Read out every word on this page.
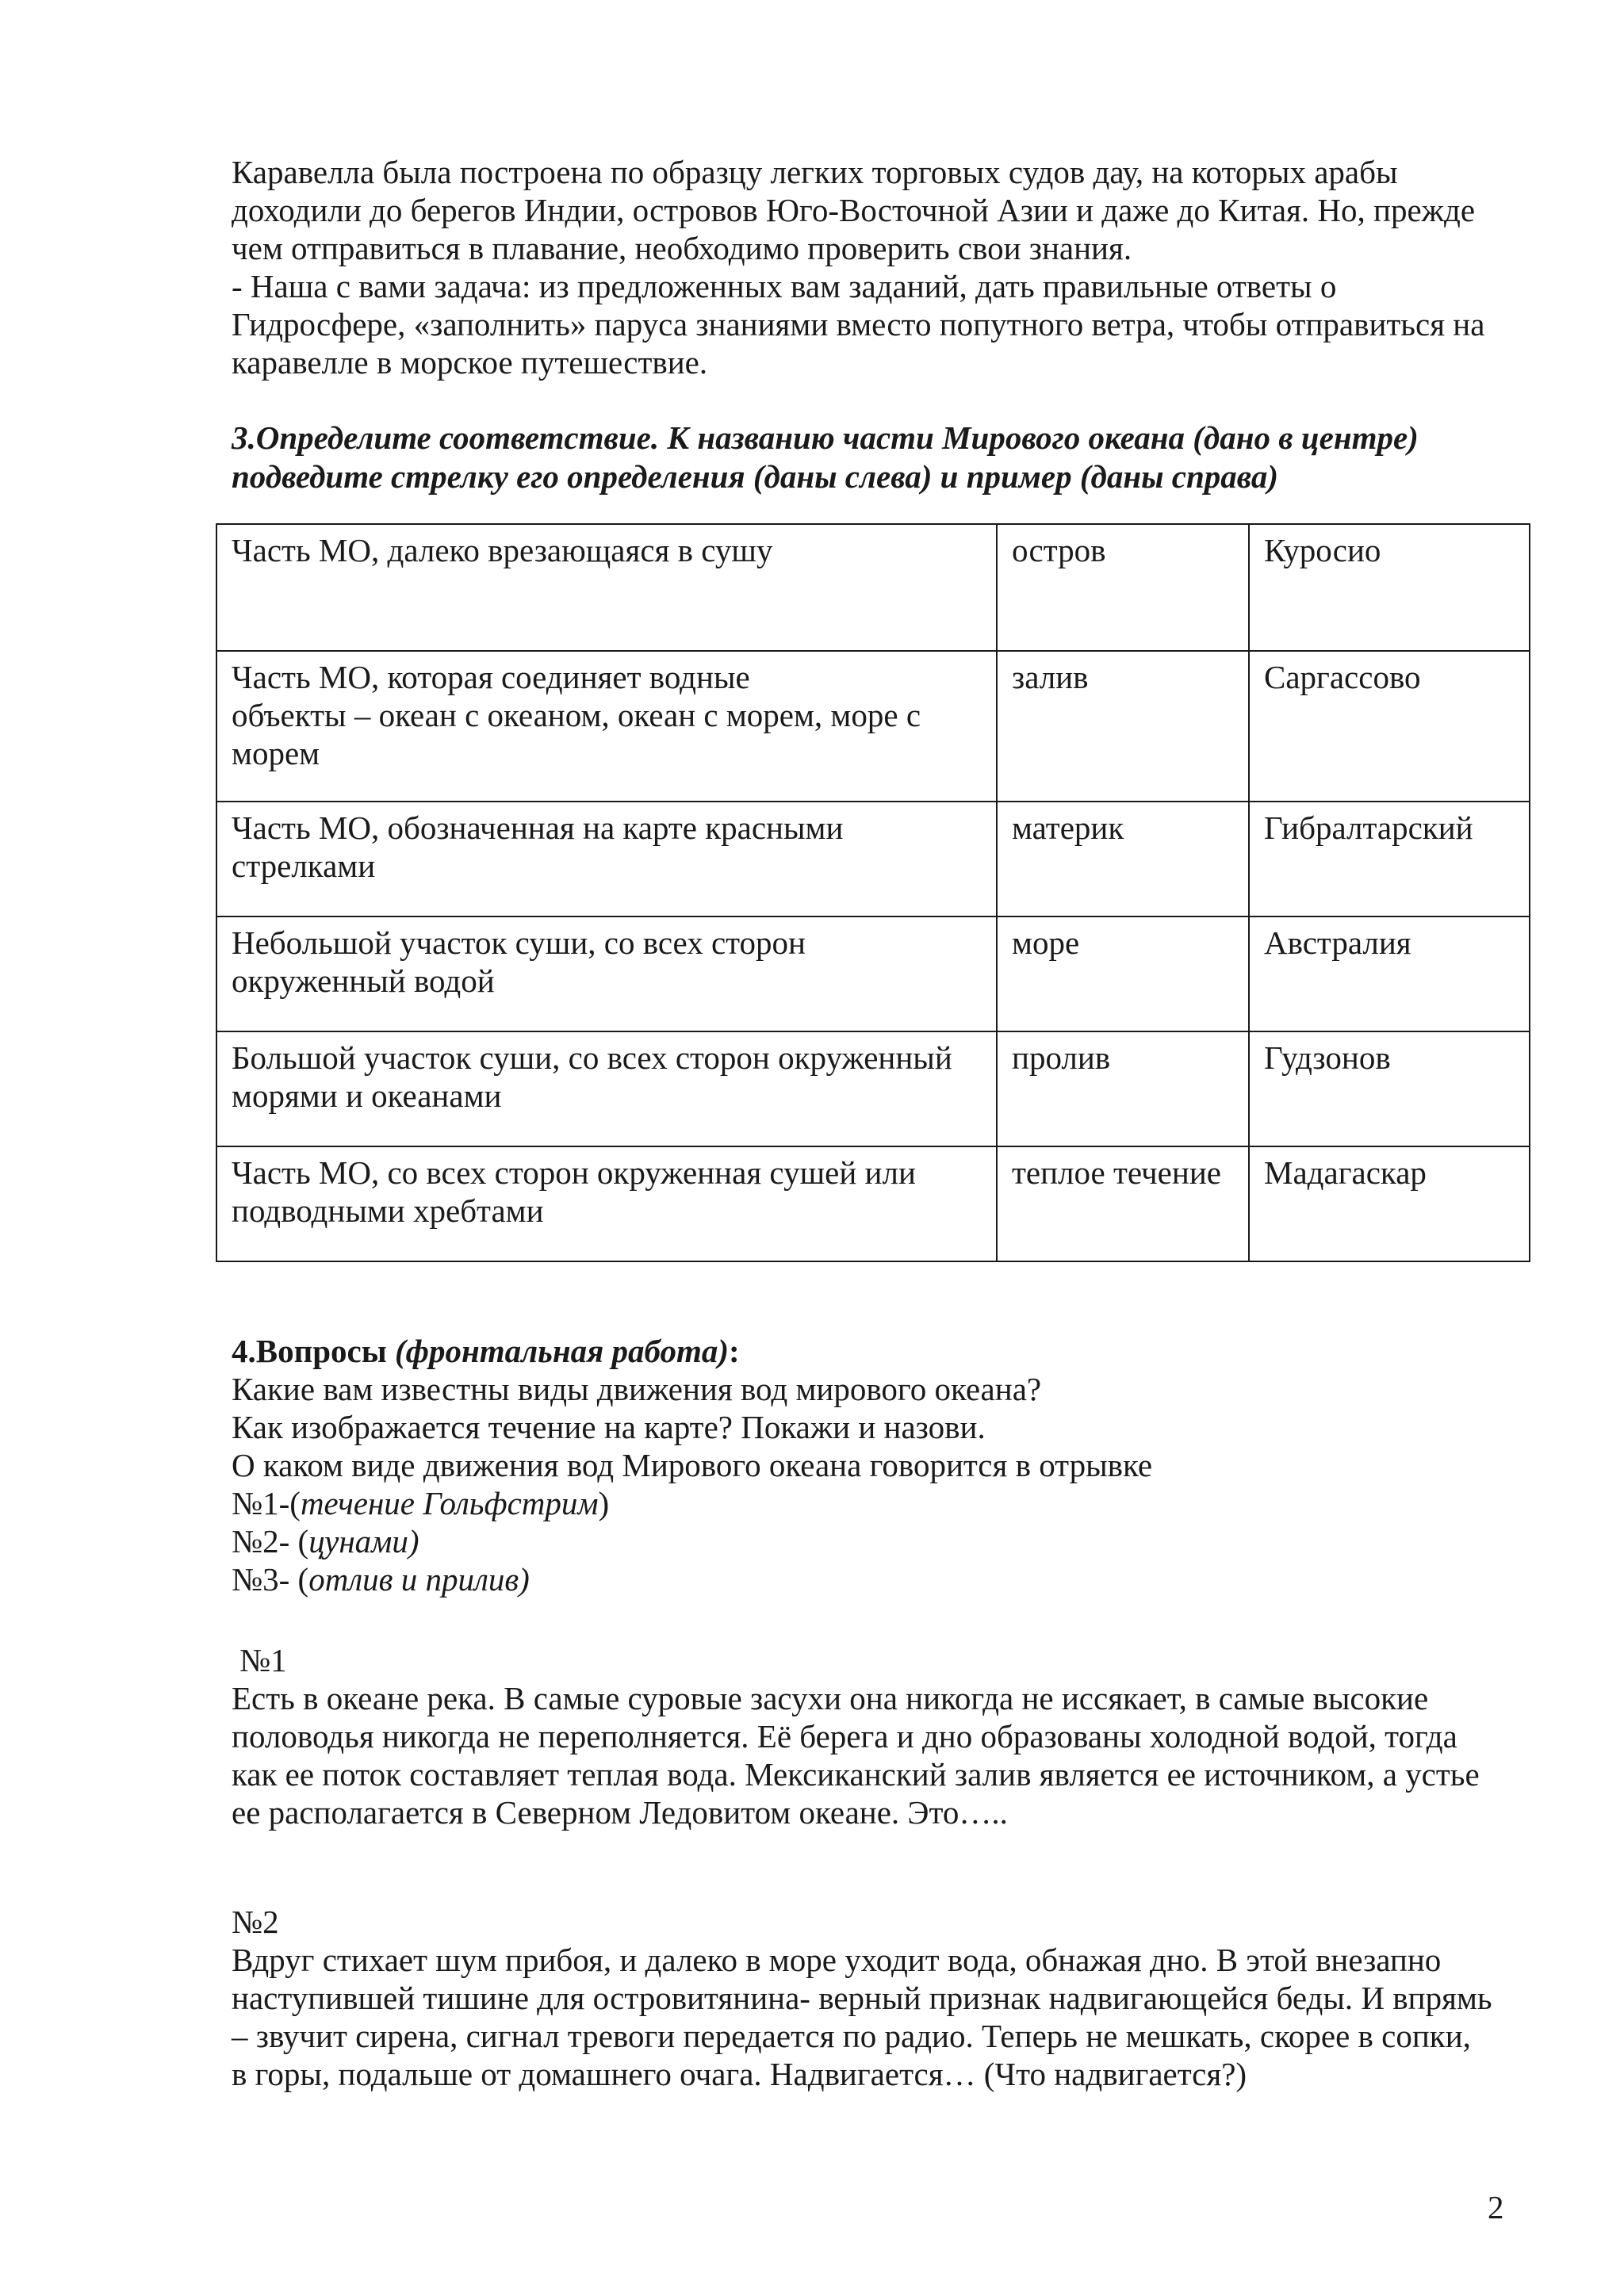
Каравелла была построена по образцу легких торговых судов дау, на которых арабы

доходили до берегов Индии, островов Юго-Восточной Азии и даже до Китая. Но, прежде

чем отправиться в плавание, необходимо проверить свои знания.

- Наша с вами задача: из предложенных вам заданий, дать правильные ответы о

Гидросфере, «заполнить» паруса знаниями вместо попутного ветра, чтобы отправиться на

каравелле в морское путешествие.

3.Определите соответствие. К названию части Мирового океана (дано в центре)

подведите стрелку его определения (даны слева) и пример (даны справа)

Часть МО, далеко врезающаяся в сушу	остров	Куросио
Часть МО, которая соединяет водные
объекты – океан с океаном, океан с морем, море с
морем	залив	Саргассово
Часть МО, обозначенная на карте красными
стрелками	материк	Гибралтарский
Небольшой участок суши, со всех сторон
окруженный водой	море	Австралия
Большой участок суши, со всех сторон окруженный
морями и океанами	пролив	Гудзонов
Часть МО, со всех сторон окруженная сушей или
подводными хребтами	теплое течение	Мадагаскар

4.Вопросы (фронтальная работа):

Какие вам известны виды движения вод мирового океана?

Как изображается течение на карте? Покажи и назови.

О каком виде движения вод Мирового океана говорится в отрывке

№1-(течение Гольфстрим)

№2- (цунами)

№3- (отлив и прилив)

№1

Есть в океане река. В самые суровые засухи она никогда не иссякает, в самые высокие

половодья никогда не переполняется. Её берега и дно образованы холодной водой, тогда

как ее поток составляет теплая вода. Мексиканский залив является ее источником, а устье

ее располагается в Северном Ледовитом океане. Это…..

№2

Вдруг стихает шум прибоя, и далеко в море уходит вода, обнажая дно. В этой внезапно

наступившей тишине для островитянина- верный признак надвигающейся беды. И впрямь

– звучит сирена, сигнал тревоги передается по радио. Теперь не мешкать, скорее в сопки,

в горы, подальше от домашнего очага. Надвигается… (Что надвигается?)

2
